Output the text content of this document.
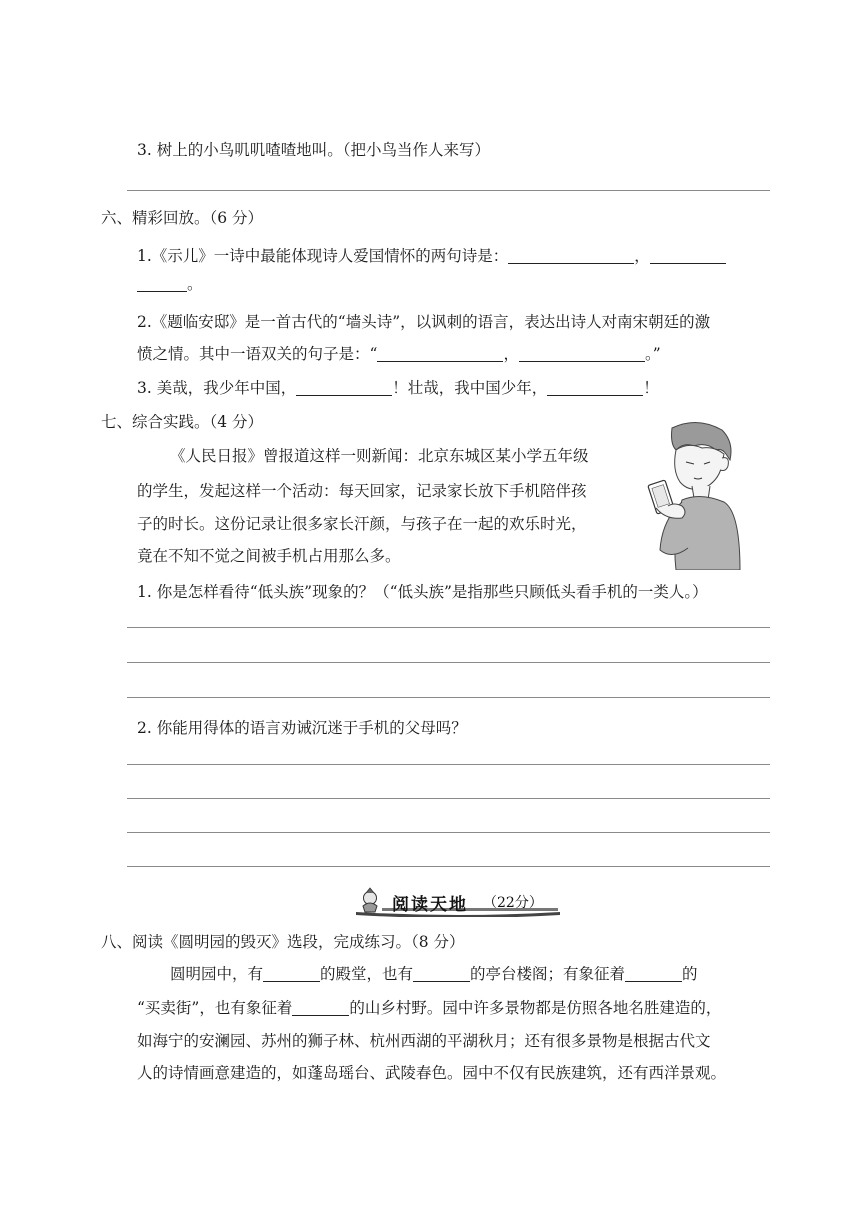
3. 树上的小鸟叽叽喳喳地叫。（把小鸟当作人来写）
六、精彩回放。（6 分）
1.《示儿》一诗中最能体现诗人爱国情怀的两句诗是：	，
。
2.《题临安邸》是一首古代的“墙头诗”，以讽刺的语言，表达出诗人对南宋朝廷的激
愤之情。其中一语双关的句子是：“	，	。”
3. 美哉，我少年中国，	！壮哉，我中国少年，	！
七、综合实践。（4 分）
《人民日报》曾报道这样一则新闻：北京东城区某小学五年级
的学生，发起这样一个活动：每天回家，记录家长放下手机陪伴孩
子的时长。这份记录让很多家长汗颜，与孩子在一起的欢乐时光，
竟在不知不觉之间被手机占用那么多。
1. 你是怎样看待“低头族”现象的？（“低头族”是指那些只顾低头看手机的一类人。）
2. 你能用得体的语言劝诫沉迷于手机的父母吗？
阅读天地 （22分）
八、阅读《圆明园的毁灭》选段，完成练习。（8 分）
圆明园中，有	的殿堂，也有	的亭台楼阁；有象征着	的
“买卖街”，也有象征着	的山乡村野。园中许多景物都是仿照各地名胜建造的，
如海宁的安澜园、苏州的狮子林、杭州西湖的平湖秋月；还有很多景物是根据古代文
人的诗情画意建造的，如蓬岛瑶台、武陵春色。园中不仅有民族建筑，还有西洋景观。
